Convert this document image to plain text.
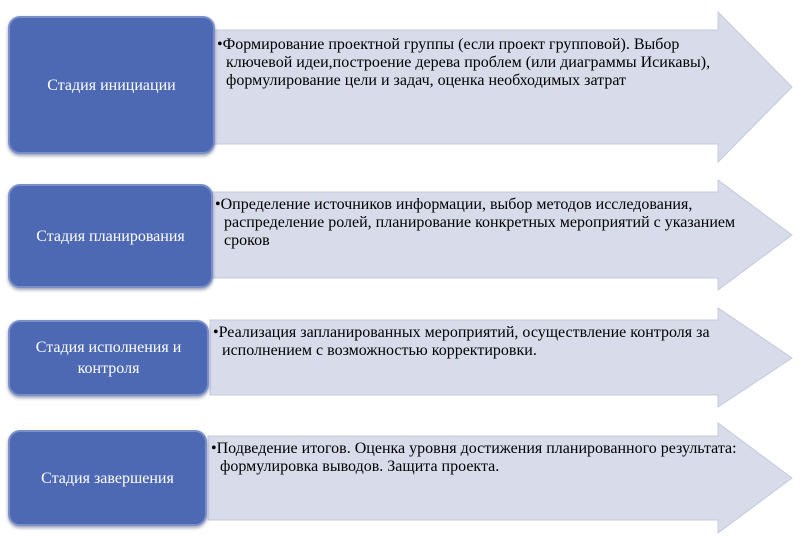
Стадия инициации
•Формирование проектной группы (если проект групповой). Выбор ключевой идеи,построение дерева проблем (или диаграммы Исикавы), формулирование цели и задач, оценка необходимых затрат
Стадия планирования
•Определение источников информации, выбор методов исследования, распределение ролей, планирование конкретных мероприятий с указанием сроков
Стадия исполнения и контроля
•Реализация запланированных мероприятий, осуществление контроля за исполнением с возможностью корректировки.
Стадия завершения
•Подведение итогов. Оценка уровня достижения планированного результата: формулировка выводов. Защита проекта.
